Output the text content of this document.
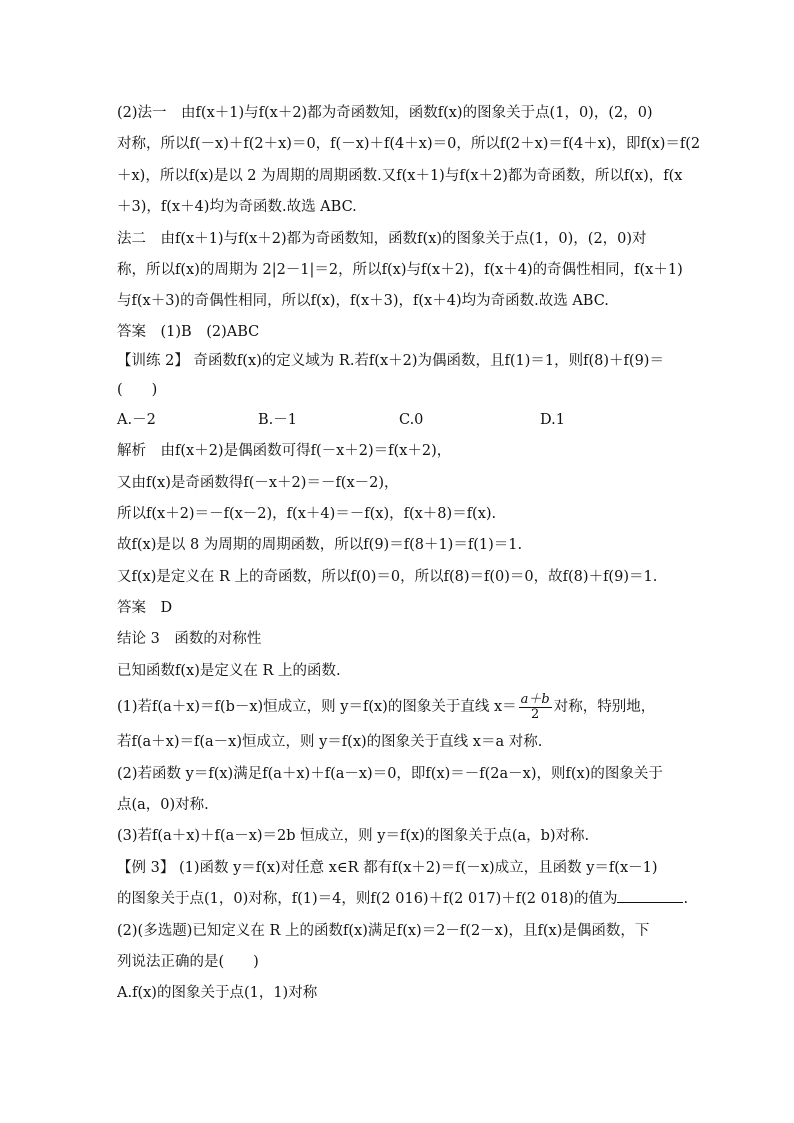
(2)法一　由f(x＋1)与f(x＋2)都为奇函数知，函数f(x)的图象关于点(1，0)，(2，0)
对称，所以f(－x)＋f(2＋x)＝0，f(－x)＋f(4＋x)＝0，所以f(2＋x)＝f(4＋x)，即f(x)＝f(2
＋x)，所以f(x)是以 2 为周期的周期函数.又f(x＋1)与f(x＋2)都为奇函数，所以f(x)，f(x
＋3)，f(x＋4)均为奇函数.故选 ABC.
法二　由f(x＋1)与f(x＋2)都为奇函数知，函数f(x)的图象关于点(1，0)，(2，0)对
称，所以f(x)的周期为 2|2－1|＝2，所以f(x)与f(x＋2)，f(x＋4)的奇偶性相同，f(x＋1)
与f(x＋3)的奇偶性相同，所以f(x)，f(x＋3)，f(x＋4)均为奇函数.故选 ABC.
答案　(1)B　(2)ABC
【训练 2】 奇函数f(x)的定义域为 R.若f(x＋2)为偶函数，且f(1)＝1，则f(8)＋f(9)＝
(　　)
A.－2	B.－1	C.0	D.1
解析　由f(x＋2)是偶函数可得f(－x＋2)＝f(x＋2)，
又由f(x)是奇函数得f(－x＋2)＝－f(x－2)，
所以f(x＋2)＝－f(x－2)，f(x＋4)＝－f(x)，f(x＋8)＝f(x).
故f(x)是以 8 为周期的周期函数，所以f(9)＝f(8＋1)＝f(1)＝1.
又f(x)是定义在 R 上的奇函数，所以f(0)＝0，所以f(8)＝f(0)＝0，故f(8)＋f(9)＝1.
答案　D
结论 3　函数的对称性
已知函数f(x)是定义在 R 上的函数.
(1)若f(a＋x)＝f(b－x)恒成立，则 y＝f(x)的图象关于直线 $x= \frac{a+b}{2}$ 对称，特别地，
若f(a＋x)＝f(a－x)恒成立，则 y＝f(x)的图象关于直线 x＝a 对称.
(2)若函数 y＝f(x)满足f(a＋x)＋f(a－x)＝0，即f(x)＝－f(2a－x)，则f(x)的图象关于
点(a，0)对称.
(3)若f(a＋x)＋f(a－x)＝2b 恒成立，则 y＝f(x)的图象关于点(a，b)对称.
【例 3】 (1)函数 y＝f(x)对任意 x∈R 都有f(x＋2)＝f(－x)成立，且函数 y＝f(x－1)
的图象关于点(1，0)对称，f(1)＝4，则f(2 016)＋f(2 017)＋f(2 018)的值为	.
(2)(多选题)已知定义在 R 上的函数f(x)满足f(x)＝2－f(2－x)，且f(x)是偶函数，下
列说法正确的是(　　)
A.f(x)的图象关于点(1，1)对称
